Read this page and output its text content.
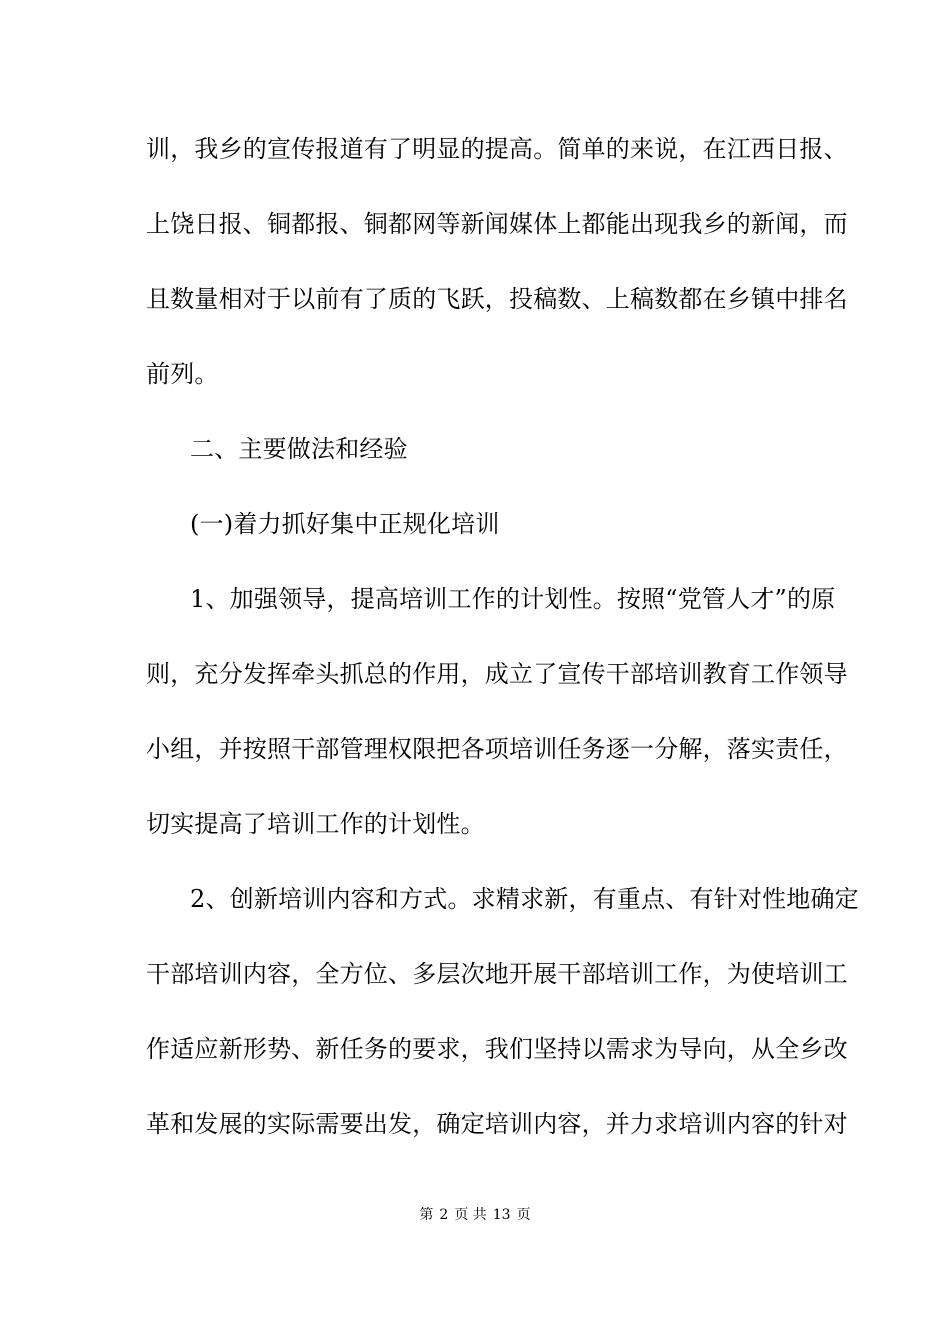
训，我乡的宣传报道有了明显的提高。简单的来说，在江西日报、
上饶日报、铜都报、铜都网等新闻媒体上都能出现我乡的新闻，而
且数量相对于以前有了质的飞跃，投稿数、上稿数都在乡镇中排名
前列。
二、主要做法和经验
(一)着力抓好集中正规化培训
1、加强领导，提高培训工作的计划性。按照“党管人才”的原
则，充分发挥牵头抓总的作用，成立了宣传干部培训教育工作领导
小组，并按照干部管理权限把各项培训任务逐一分解，落实责任，
切实提高了培训工作的计划性。
2、创新培训内容和方式。求精求新，有重点、有针对性地确定
干部培训内容，全方位、多层次地开展干部培训工作，为使培训工
作适应新形势、新任务的要求，我们坚持以需求为导向，从全乡改
革和发展的实际需要出发，确定培训内容，并力求培训内容的针对
第 2 页 共 13 页
